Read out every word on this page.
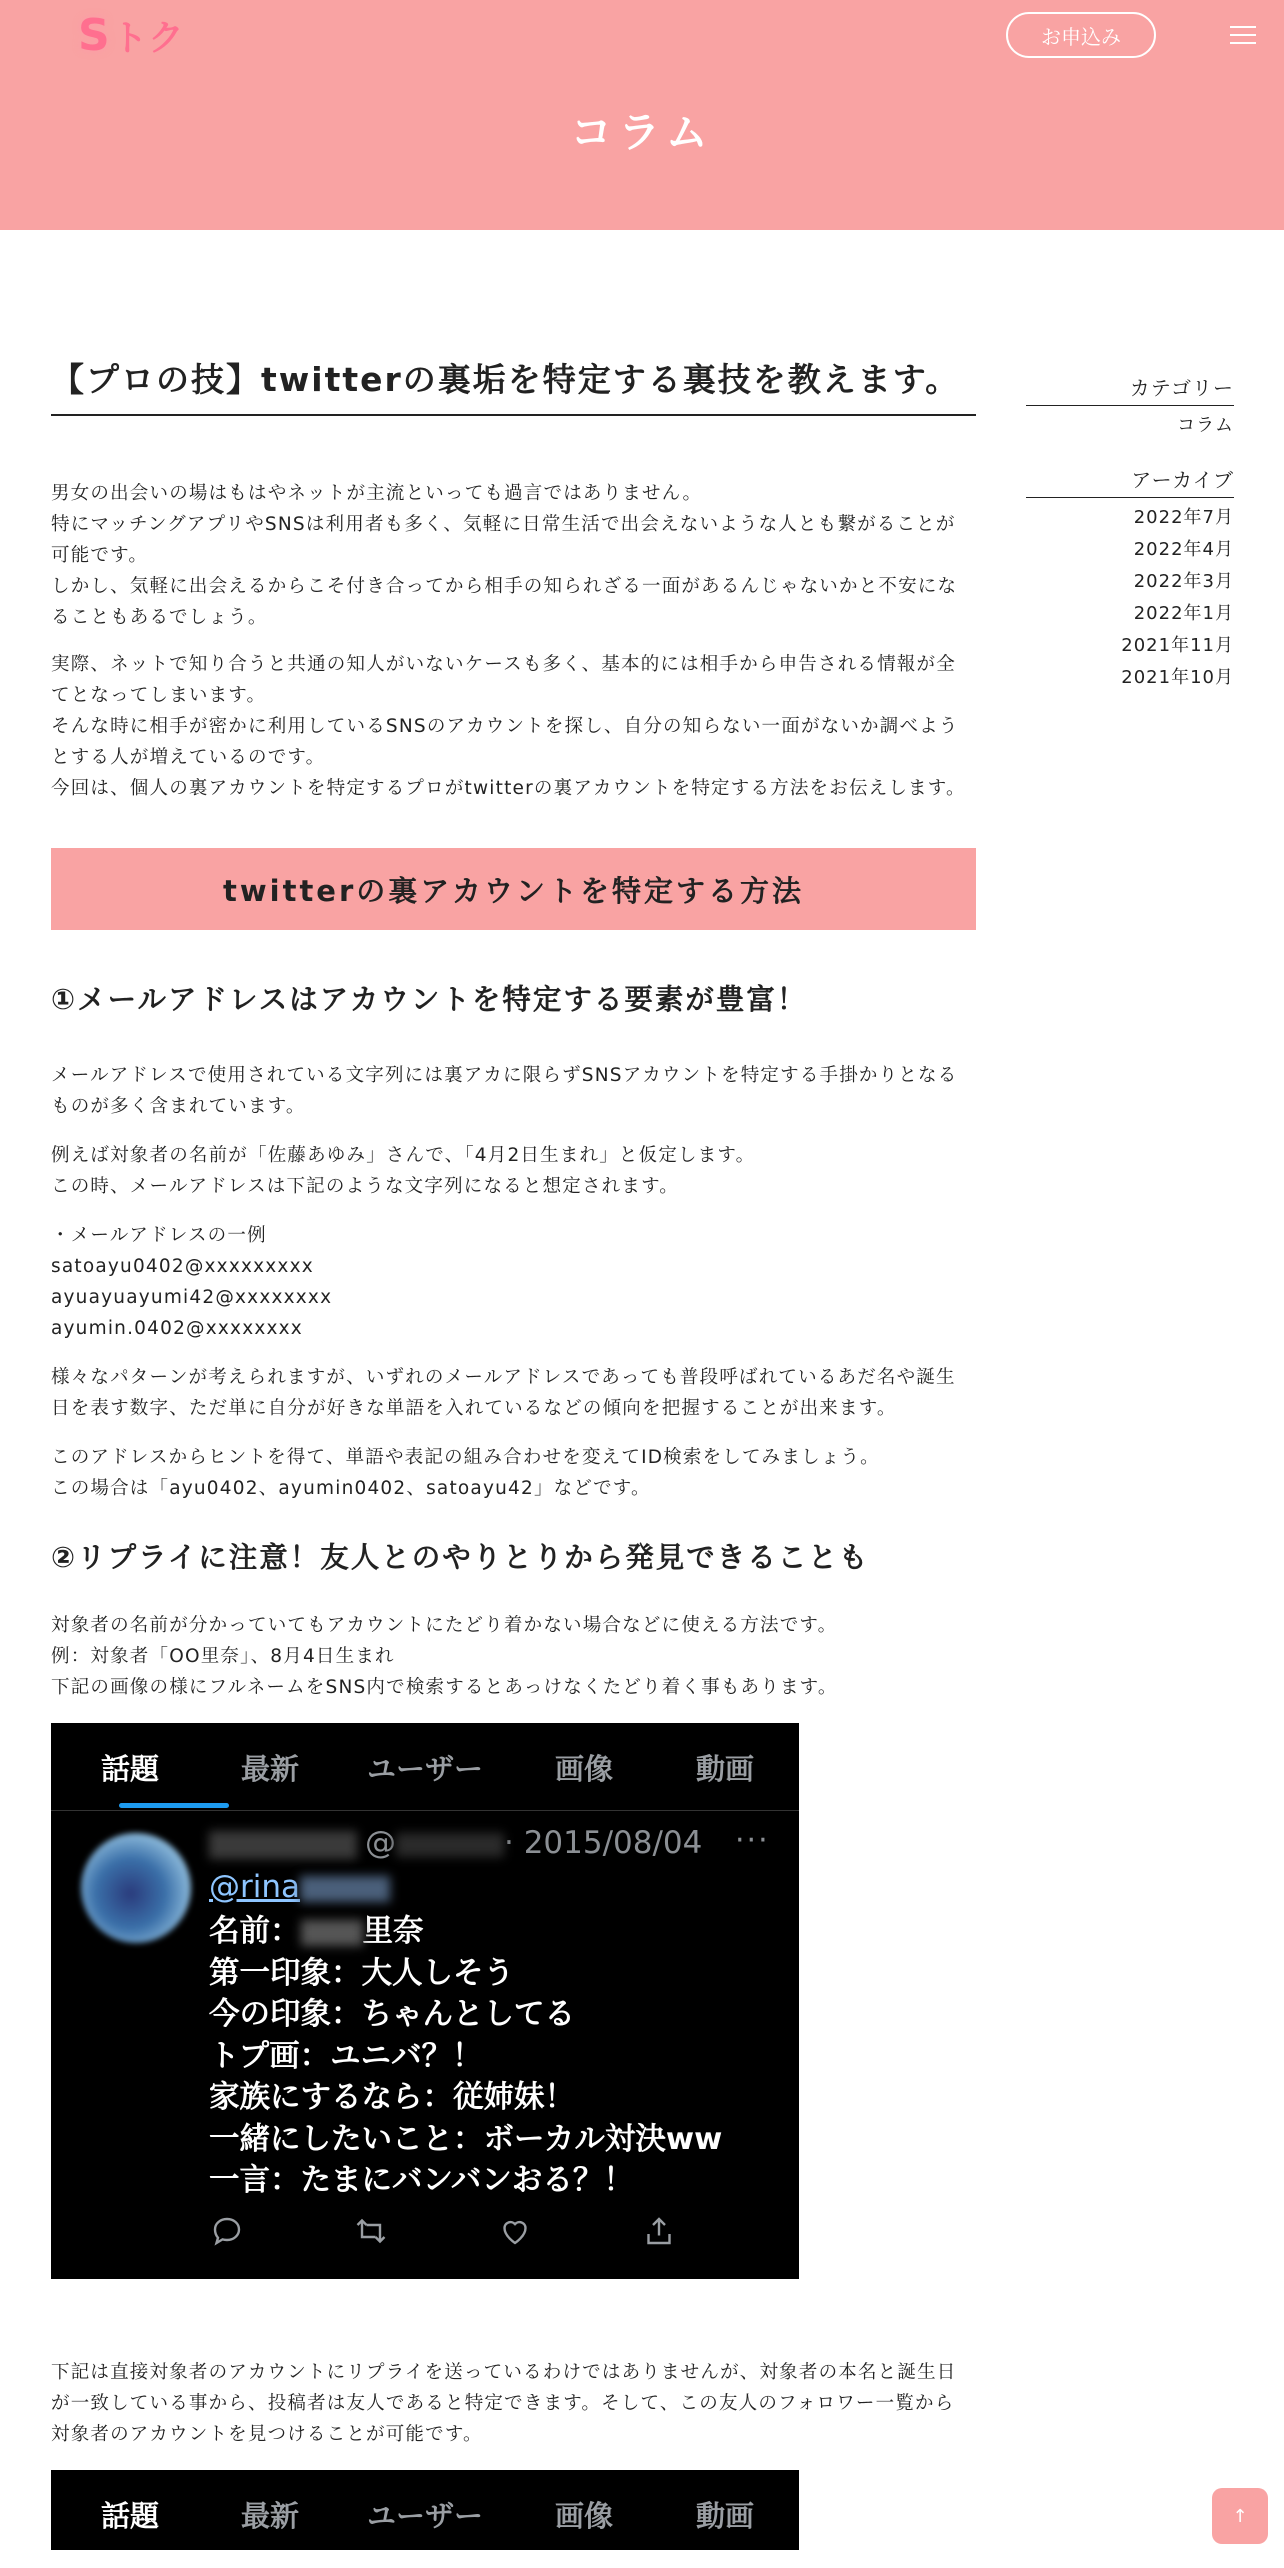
S トク	お申込み
コラム
【プロの技】twitterの裏垢を特定する裏技を教えます。
男女の出会いの場はもはやネットが主流といっても過言ではありません。
特にマッチングアプリやSNSは利用者も多く、気軽に日常生活で出会えないような人とも繋がることが
可能です。
しかし、気軽に出会えるからこそ付き合ってから相手の知られざる一面があるんじゃないかと不安にな
ることもあるでしょう。
実際、ネットで知り合うと共通の知人がいないケースも多く、基本的には相手から申告される情報が全
てとなってしまいます。
そんな時に相手が密かに利用しているSNSのアカウントを探し、自分の知らない一面がないか調べよう
とする人が増えているのです。
今回は、個人の裏アカウントを特定するプロがtwitterの裏アカウントを特定する方法をお伝えします。
twitterの裏アカウントを特定する方法
①メールアドレスはアカウントを特定する要素が豊富！
メールアドレスで使用されている文字列には裏アカに限らずSNSアカウントを特定する手掛かりとなる
ものが多く含まれています。
例えば対象者の名前が「佐藤あゆみ」さんで、「4月2日生まれ」と仮定します。
この時、メールアドレスは下記のような文字列になると想定されます。
・メールアドレスの一例
satoayu0402@xxxxxxxxx
ayuayuayumi42@xxxxxxxx
ayumin.0402@xxxxxxxx
様々なパターンが考えられますが、いずれのメールアドレスであっても普段呼ばれているあだ名や誕生
日を表す数字、ただ単に自分が好きな単語を入れているなどの傾向を把握することが出来ます。
このアドレスからヒントを得て、単語や表記の組み合わせを変えてID検索をしてみましょう。
この場合は「ayu0402、ayumin0402、satoayu42」などです。
②リプライに注意！友人とのやりとりから発見できることも
対象者の名前が分かっていてもアカウントにたどり着かない場合などに使える方法です。
例：対象者「OO里奈」、8月4日生まれ
下記の画像の様にフルネームをSNS内で検索するとあっけなくたどり着く事もあります。
話題	最新 ユーザー 画像	動画
@	· 2015/08/04 ···
@rina
名前： 里奈
第一印象：大人しそう
今の印象：ちゃんとしてる
トプ画：ユニバ？！
家族にするなら：従姉妹！
一緒にしたいこと：ボーカル対決ww
一言：たまにバンバンおる？！
下記は直接対象者のアカウントにリプライを送っているわけではありませんが、対象者の本名と誕生日
が一致している事から、投稿者は友人であると特定できます。そして、この友人のフォロワー一覧から
対象者のアカウントを見つけることが可能です。
話題	最新 ユーザー 画像	動画
カテゴリー
コラム
アーカイブ
2022年7月
2022年4月
2022年3月
2022年1月
2021年11月
2021年10月
↑
